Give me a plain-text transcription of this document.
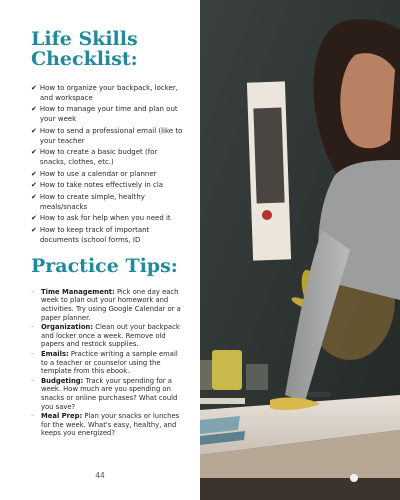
Life Skills Checklist:
✔ How to organize your backpack, locker, and workspace
✔ How to manage your time and plan out your week
✔ How to send a professional email (like to your teacher
✔ How to create a basic budget (for snacks, clothes, etc.)
✔ How to use a calendar or planner
✔ How to take notes effectively in cla
✔ How to create simple, healthy meals/snacks
✔ How to ask for help when you need it
✔ How to keep track of important documents (school forms, ID
Practice Tips:
– Time Management: Pick one day each week to plan out your homework and activities. Try using Google Calendar or a paper planner.
– Organization: Clean out your backpack and locker once a week. Remove old papers and restock supplies.
– Emails: Practice writing a sample email to a teacher or counselor using the template from this ebook.
– Budgeting: Track your spending for a week. How much are you spending on snacks or online purchases? What could you save?
– Meal Prep: Plan your snacks or lunches for the week. What's easy, healthy, and keeps you energized?
44
